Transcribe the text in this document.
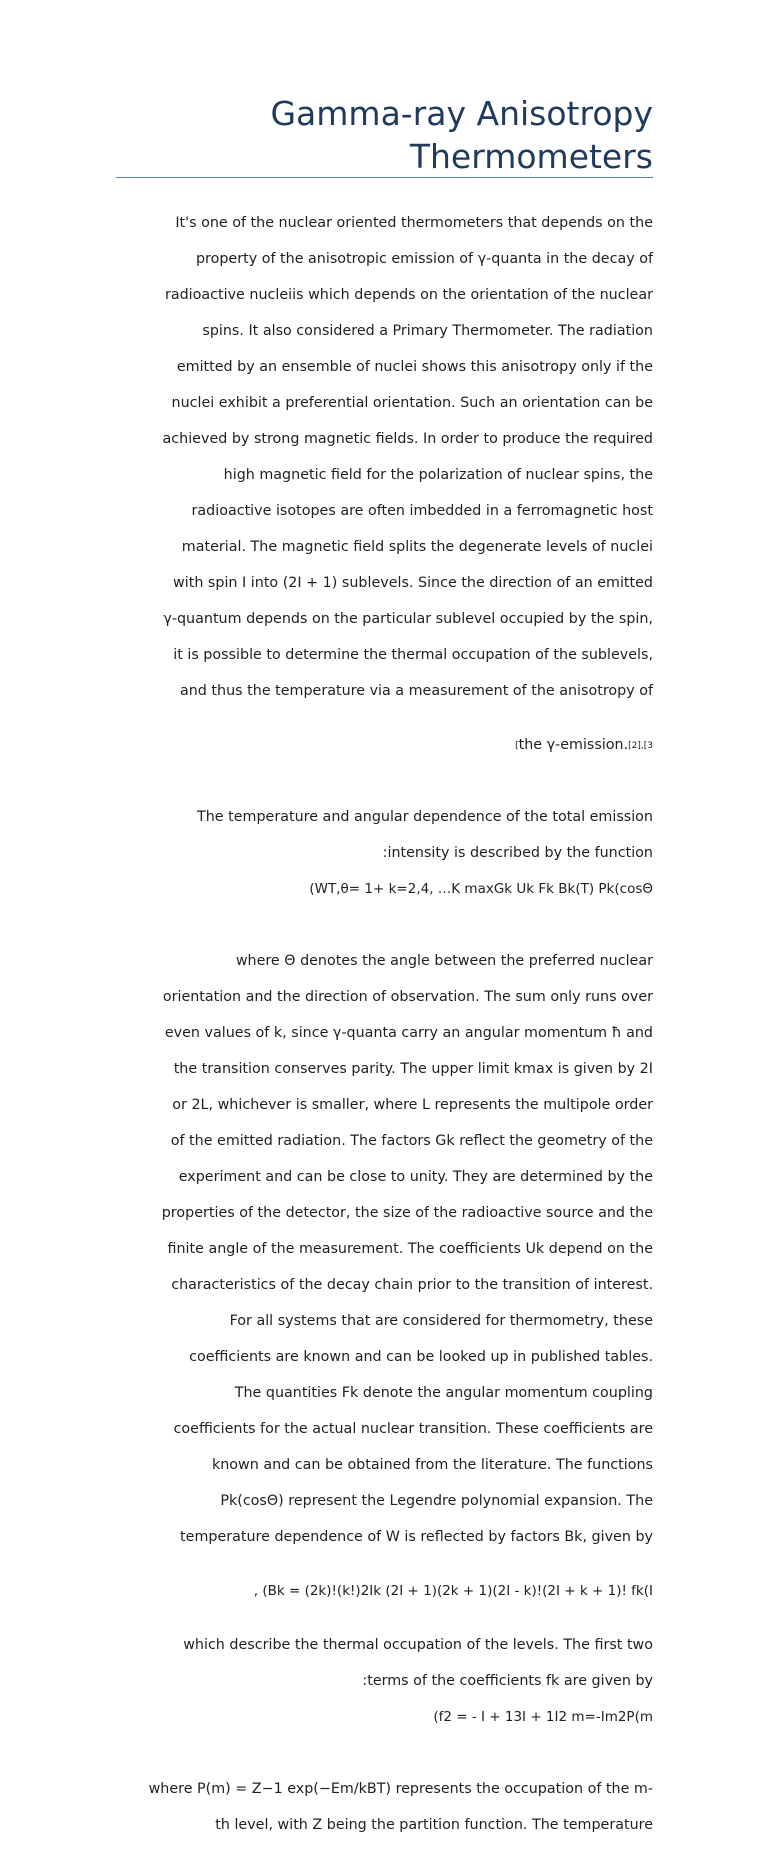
Gamma-ray Anisotropy
Thermometers

It's one of the nuclear oriented thermometers that depends on the

property of the anisotropic emission of γ-quanta in the decay of

radioactive nucleiis which depends on the orientation of the nuclear

spins. It also considered a Primary Thermometer. The radiation

emitted by an ensemble of nuclei shows this anisotropy only if the

nuclei exhibit a preferential orientation. Such an orientation can be

achieved by strong magnetic fields. In order to produce the required

high magnetic field for the polarization of nuclear spins, the

radioactive isotopes are often imbedded in a ferromagnetic host

material. The magnetic field splits the degenerate levels of nuclei

with spin I into (2I + 1) sublevels. Since the direction of an emitted

γ-quantum depends on the particular sublevel occupied by the spin,

it is possible to determine the thermal occupation of the sublevels,

and thus the temperature via a measurement of the anisotropy of

[the γ-emission.$^{[2],[3}$

The temperature and angular dependence of the total emission

:intensity is described by the function

(WT,θ= 1+ k=2,4, …K maxGk Uk Fk Bk(T) Pk(cosΘ

where Θ denotes the angle between the preferred nuclear

orientation and the direction of observation. The sum only runs over

even values of k, since γ-quanta carry an angular momentum ħ and

the transition conserves parity. The upper limit kmax is given by 2I

or 2L, whichever is smaller, where L represents the multipole order

of the emitted radiation. The factors Gk reflect the geometry of the

experiment and can be close to unity. They are determined by the

properties of the detector, the size of the radioactive source and the

finite angle of the measurement. The coefficients Uk depend on the

characteristics of the decay chain prior to the transition of interest.

For all systems that are considered for thermometry, these

coefficients are known and can be looked up in published tables.

The quantities Fk denote the angular momentum coupling

coefficients for the actual nuclear transition. These coefficients are

known and can be obtained from the literature. The functions

Pk(cosΘ) represent the Legendre polynomial expansion. The

temperature dependence of W is reflected by factors Bk, given by

, (Bk = (2k)!(k!)2Ik (2I + 1)(2k + 1)(2I - k)!(2I + k + 1)! fk(I

which describe the thermal occupation of the levels. The first two

:terms of the coefficients fk are given by

(f2 = - I + 13I + 1I2 m=-Im2P(m

where P(m) = Z−1 exp(−Em/kBT) represents the occupation of the m-

th level, with Z being the partition function. The temperature
